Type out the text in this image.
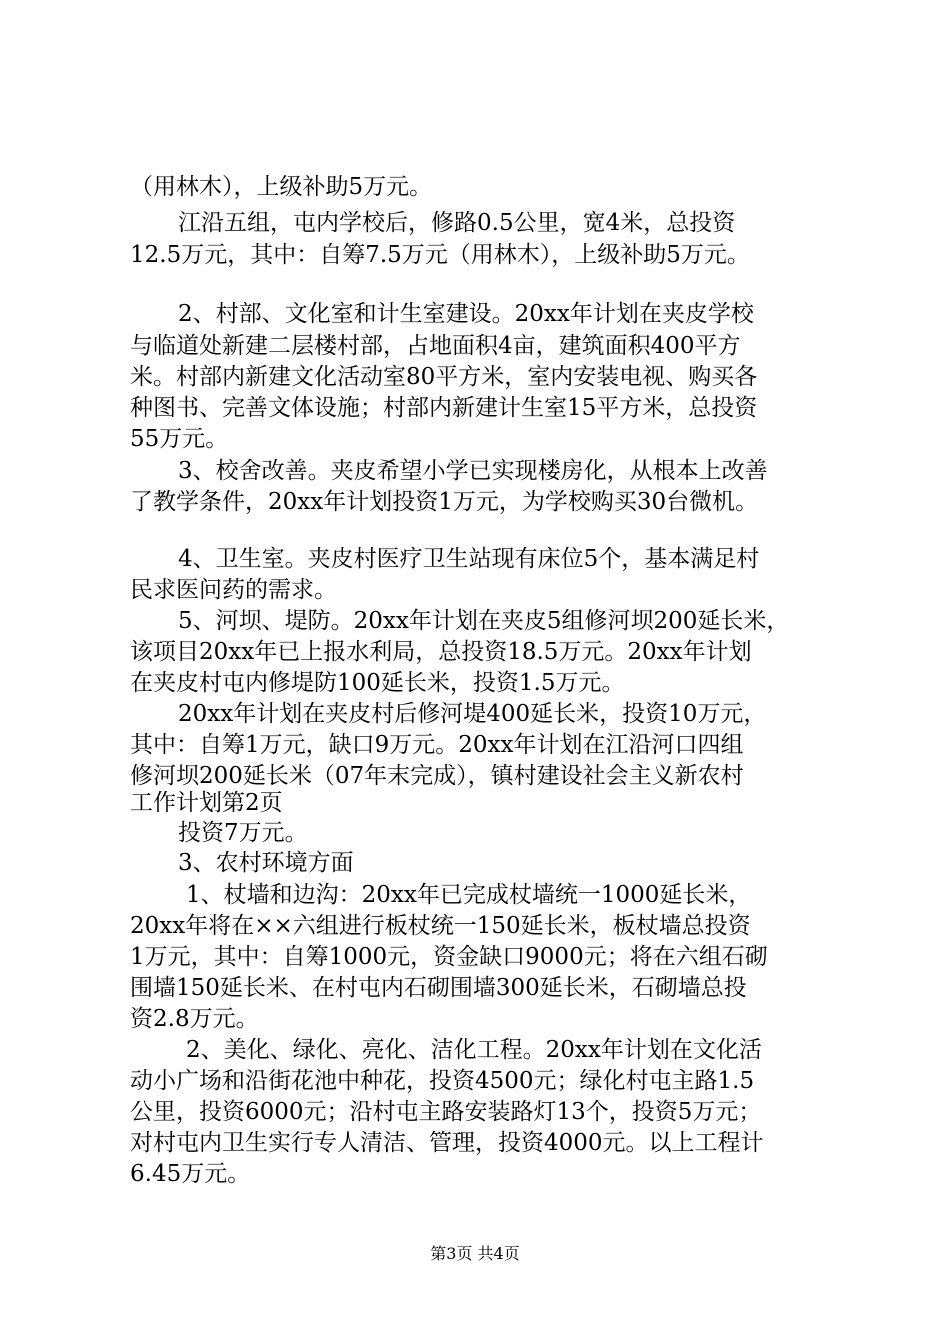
（用林木），上级补助5万元。
江沿五组，屯内学校后，修路0.5公里，宽4米，总投资
12.5万元，其中：自筹7.5万元（用林木），上级补助5万元。
2、村部、文化室和计生室建设。20xx年计划在夹皮学校
与临道处新建二层楼村部，占地面积4亩，建筑面积400平方
米。村部内新建文化活动室80平方米，室内安装电视、购买各
种图书、完善文体设施；村部内新建计生室15平方米，总投资
55万元。
3、校舍改善。夹皮希望小学已实现楼房化，从根本上改善
了教学条件，20xx年计划投资1万元，为学校购买30台微机。
4、卫生室。夹皮村医疗卫生站现有床位5个，基本满足村
民求医问药的需求。
5、河坝、堤防。20xx年计划在夹皮5组修河坝200延长米，
该项目20xx年已上报水利局，总投资18.5万元。20xx年计划
在夹皮村屯内修堤防100延长米，投资1.5万元。
20xx年计划在夹皮村后修河堤400延长米，投资10万元，
其中：自筹1万元，缺口9万元。20xx年计划在江沿河口四组
修河坝200延长米（07年末完成），镇村建设社会主义新农村
工作计划第2页
投资7万元。
3、农村环境方面
1、杖墙和边沟：20xx年已完成杖墙统一1000延长米，
20xx年将在××六组进行板杖统一150延长米，板杖墙总投资
1万元，其中：自筹1000元，资金缺口9000元；将在六组石砌
围墙150延长米、在村屯内石砌围墙300延长米，石砌墙总投
资2.8万元。
2、美化、绿化、亮化、洁化工程。20xx年计划在文化活
动小广场和沿街花池中种花，投资4500元；绿化村屯主路1.5
公里，投资6000元；沿村屯主路安装路灯13个，投资5万元；
对村屯内卫生实行专人清洁、管理，投资4000元。以上工程计
6.45万元。
第3页 共4页
